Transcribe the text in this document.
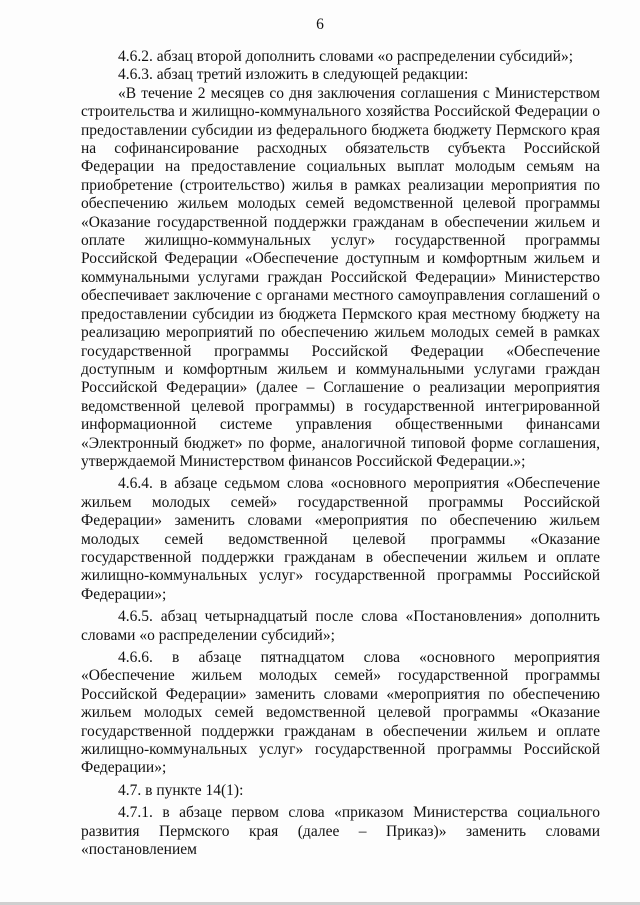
6

4.6.2. абзац второй дополнить словами «о распределении субсидий»;

4.6.3. абзац третий изложить в следующей редакции:

«В течение 2 месяцев со дня заключения соглашения с Министерством строительства и жилищно-коммунального хозяйства Российской Федерации о предоставлении субсидии из федерального бюджета бюджету Пермского края на софинансирование расходных обязательств субъекта Российской Федерации на предоставление социальных выплат молодым семьям на приобретение (строительство) жилья в рамках реализации мероприятия по обеспечению жильем молодых семей ведомственной целевой программы «Оказание государственной поддержки гражданам в обеспечении жильем и оплате жилищно-коммунальных услуг» государственной программы Российской Федерации «Обеспечение доступным и комфортным жильем и коммунальными услугами граждан Российской Федерации» Министерство обеспечивает заключение с органами местного самоуправления соглашений о предоставлении субсидии из бюджета Пермского края местному бюджету на реализацию мероприятий по обеспечению жильем молодых семей в рамках государственной программы Российской Федерации «Обеспечение доступным и комфортным жильем и коммунальными услугами граждан Российской Федерации» (далее – Соглашение о реализации мероприятия ведомственной целевой программы) в государственной интегрированной информационной системе управления общественными финансами «Электронный бюджет» по форме, аналогичной типовой форме соглашения, утверждаемой Министерством финансов Российской Федерации.»;

4.6.4. в абзаце седьмом слова «основного мероприятия «Обеспечение жильем молодых семей» государственной программы Российской Федерации» заменить словами «мероприятия по обеспечению жильем молодых семей ведомственной целевой программы «Оказание государственной поддержки гражданам в обеспечении жильем и оплате жилищно-коммунальных услуг» государственной программы Российской Федерации»;

4.6.5. абзац четырнадцатый после слова «Постановления» дополнить словами «о распределении субсидий»;

4.6.6. в абзаце пятнадцатом слова «основного мероприятия «Обеспечение жильем молодых семей» государственной программы Российской Федерации» заменить словами «мероприятия по обеспечению жильем молодых семей ведомственной целевой программы «Оказание государственной поддержки гражданам в обеспечении жильем и оплате жилищно-коммунальных услуг» государственной программы Российской Федерации»;

4.7. в пункте 14(1):

4.7.1. в абзаце первом слова «приказом Министерства социального развития Пермского края (далее – Приказ)» заменить словами «постановлением
